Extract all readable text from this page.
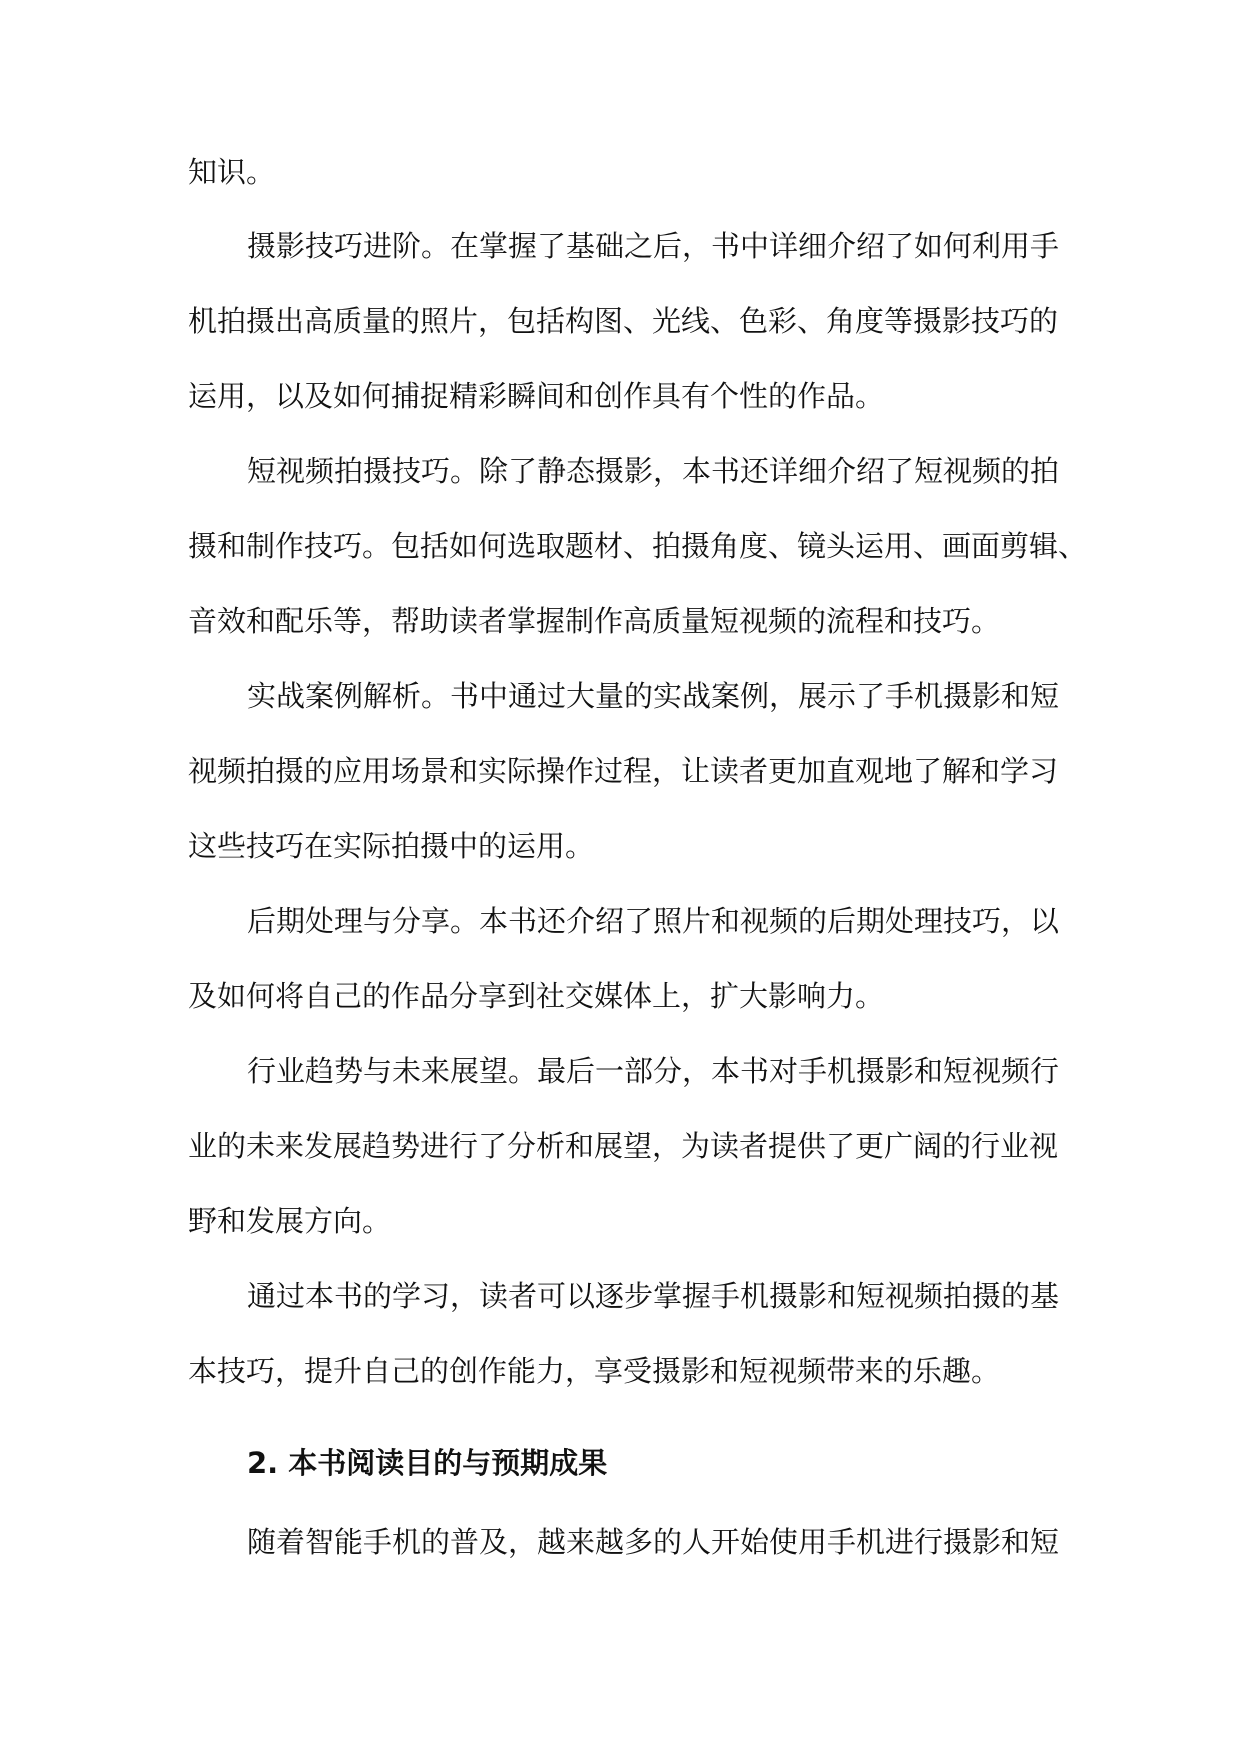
知识。
摄影技巧进阶。在掌握了基础之后，书中详细介绍了如何利用手
机拍摄出高质量的照片，包括构图、光线、色彩、角度等摄影技巧的
运用，以及如何捕捉精彩瞬间和创作具有个性的作品。
短视频拍摄技巧。除了静态摄影，本书还详细介绍了短视频的拍
摄和制作技巧。包括如何选取题材、拍摄角度、镜头运用、画面剪辑、
音效和配乐等，帮助读者掌握制作高质量短视频的流程和技巧。
实战案例解析。书中通过大量的实战案例，展示了手机摄影和短
视频拍摄的应用场景和实际操作过程，让读者更加直观地了解和学习
这些技巧在实际拍摄中的运用。
后期处理与分享。本书还介绍了照片和视频的后期处理技巧，以
及如何将自己的作品分享到社交媒体上，扩大影响力。
行业趋势与未来展望。最后一部分，本书对手机摄影和短视频行
业的未来发展趋势进行了分析和展望，为读者提供了更广阔的行业视
野和发展方向。
通过本书的学习，读者可以逐步掌握手机摄影和短视频拍摄的基
本技巧，提升自己的创作能力，享受摄影和短视频带来的乐趣。
2. 本书阅读目的与预期成果
随着智能手机的普及，越来越多的人开始使用手机进行摄影和短
